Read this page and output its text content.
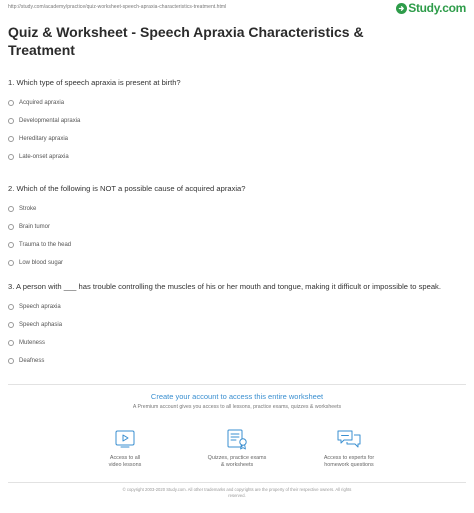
http://study.com/academy/practice/quiz-worksheet-speech-apraxia-characteristics-treatment.html	Study.com
Quiz & Worksheet - Speech Apraxia Characteristics & Treatment

1. Which type of speech apraxia is present at birth?

Acquired apraxia
Developmental apraxia
Hereditary apraxia
Late-onset apraxia

2. Which of the following is NOT a possible cause of acquired apraxia?

Stroke
Brain tumor
Trauma to the head
Low blood sugar

3. A person with ___ has trouble controlling the muscles of his or her mouth and tongue, making it difficult or impossible to speak.

Speech apraxia
Speech aphasia
Muteness
Deafness
Create your account to access this entire worksheet
A Premium account gives you access to all lessons, practice exams, quizzes & worksheets
Access to all
video lessons
Quizzes, practice exams
& worksheets
Access to experts for
homework questions
© copyright 2003-2020 Study.com. All other trademarks and copyrights are the property of their respective owners. All rights
reserved.
